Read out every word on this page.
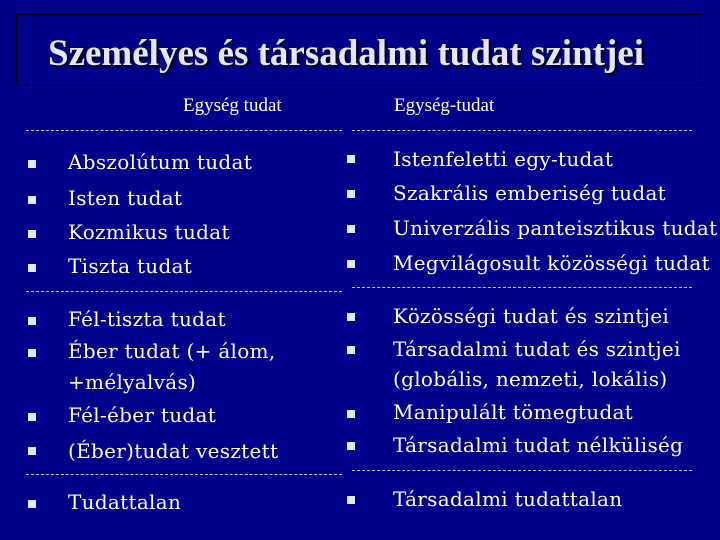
Személyes és társadalmi tudat szintjei
Egység tudat	Egység-tudat
Abszolútum tudat
Isten tudat
Kozmikus tudat
Tiszta tudat
Fél-tiszta tudat
Éber tudat (+ álom,
+mélyalvás)
Fél-éber tudat
(Éber)tudat vesztett
Tudattalan
Istenfeletti egy-tudat
Szakrális emberiség tudat
Univerzális panteisztikus tudat
Megvilágosult közösségi tudat
Közösségi tudat és szintjei
Társadalmi tudat és szintjei
(globális, nemzeti, lokális)
Manipulált tömegtudat
Társadalmi tudat nélküliség
Társadalmi tudattalan
